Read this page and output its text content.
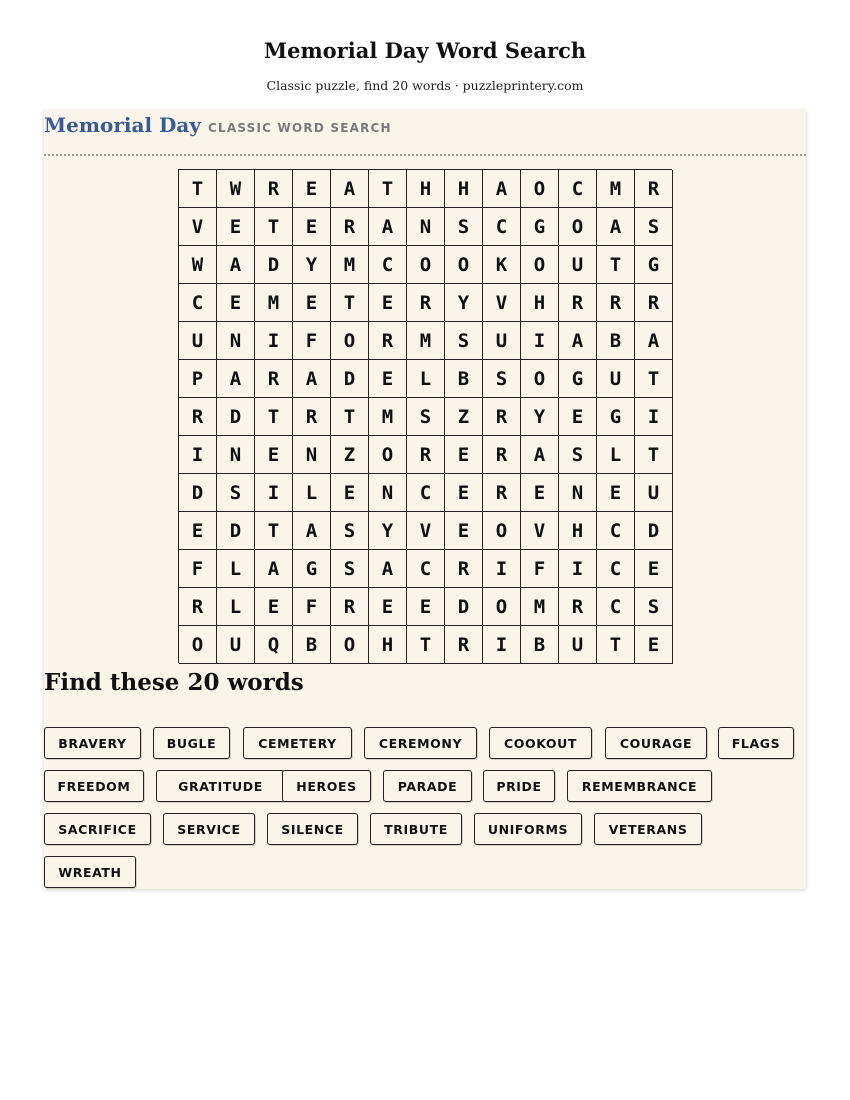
Memorial Day Word Search

Classic puzzle, find 20 words · puzzleprintery.com

Memorial Day CLASSIC WORD SEARCH
T	W	R	E	A	T	H	H	A	O	C	M	R
V	E	T	E	R	A	N	S	C	G	O	A	S
W	A	D	Y	M	C	O	O	K	O	U	T	G
C	E	M	E	T	E	R	Y	V	H	R	R	R
U	N	I	F	O	R	M	S	U	I	A	B	A
P	A	R	A	D	E	L	B	S	O	G	U	T
R	D	T	R	T	M	S	Z	R	Y	E	G	I
I	N	E	N	Z	O	R	E	R	A	S	L	T
D	S	I	L	E	N	C	E	R	E	N	E	U
E	D	T	A	S	Y	V	E	O	V	H	C	D
F	L	A	G	S	A	C	R	I	F	I	C	E
R	L	E	F	R	E	E	D	O	M	R	C	S
O	U	Q	B	O	H	T	R	I	B	U	T	E
Find these 20 words
BRAVERY	BUGLE	CEMETERY	CEREMONY	COOKOUT	COURAGE	FLAGS
FREEDOM	GRATITUDE	HEROES	PARADE	PRIDE	REMEMBRANCE
SACRIFICE	SERVICE	SILENCE	TRIBUTE	UNIFORMS	VETERANS
WREATH
